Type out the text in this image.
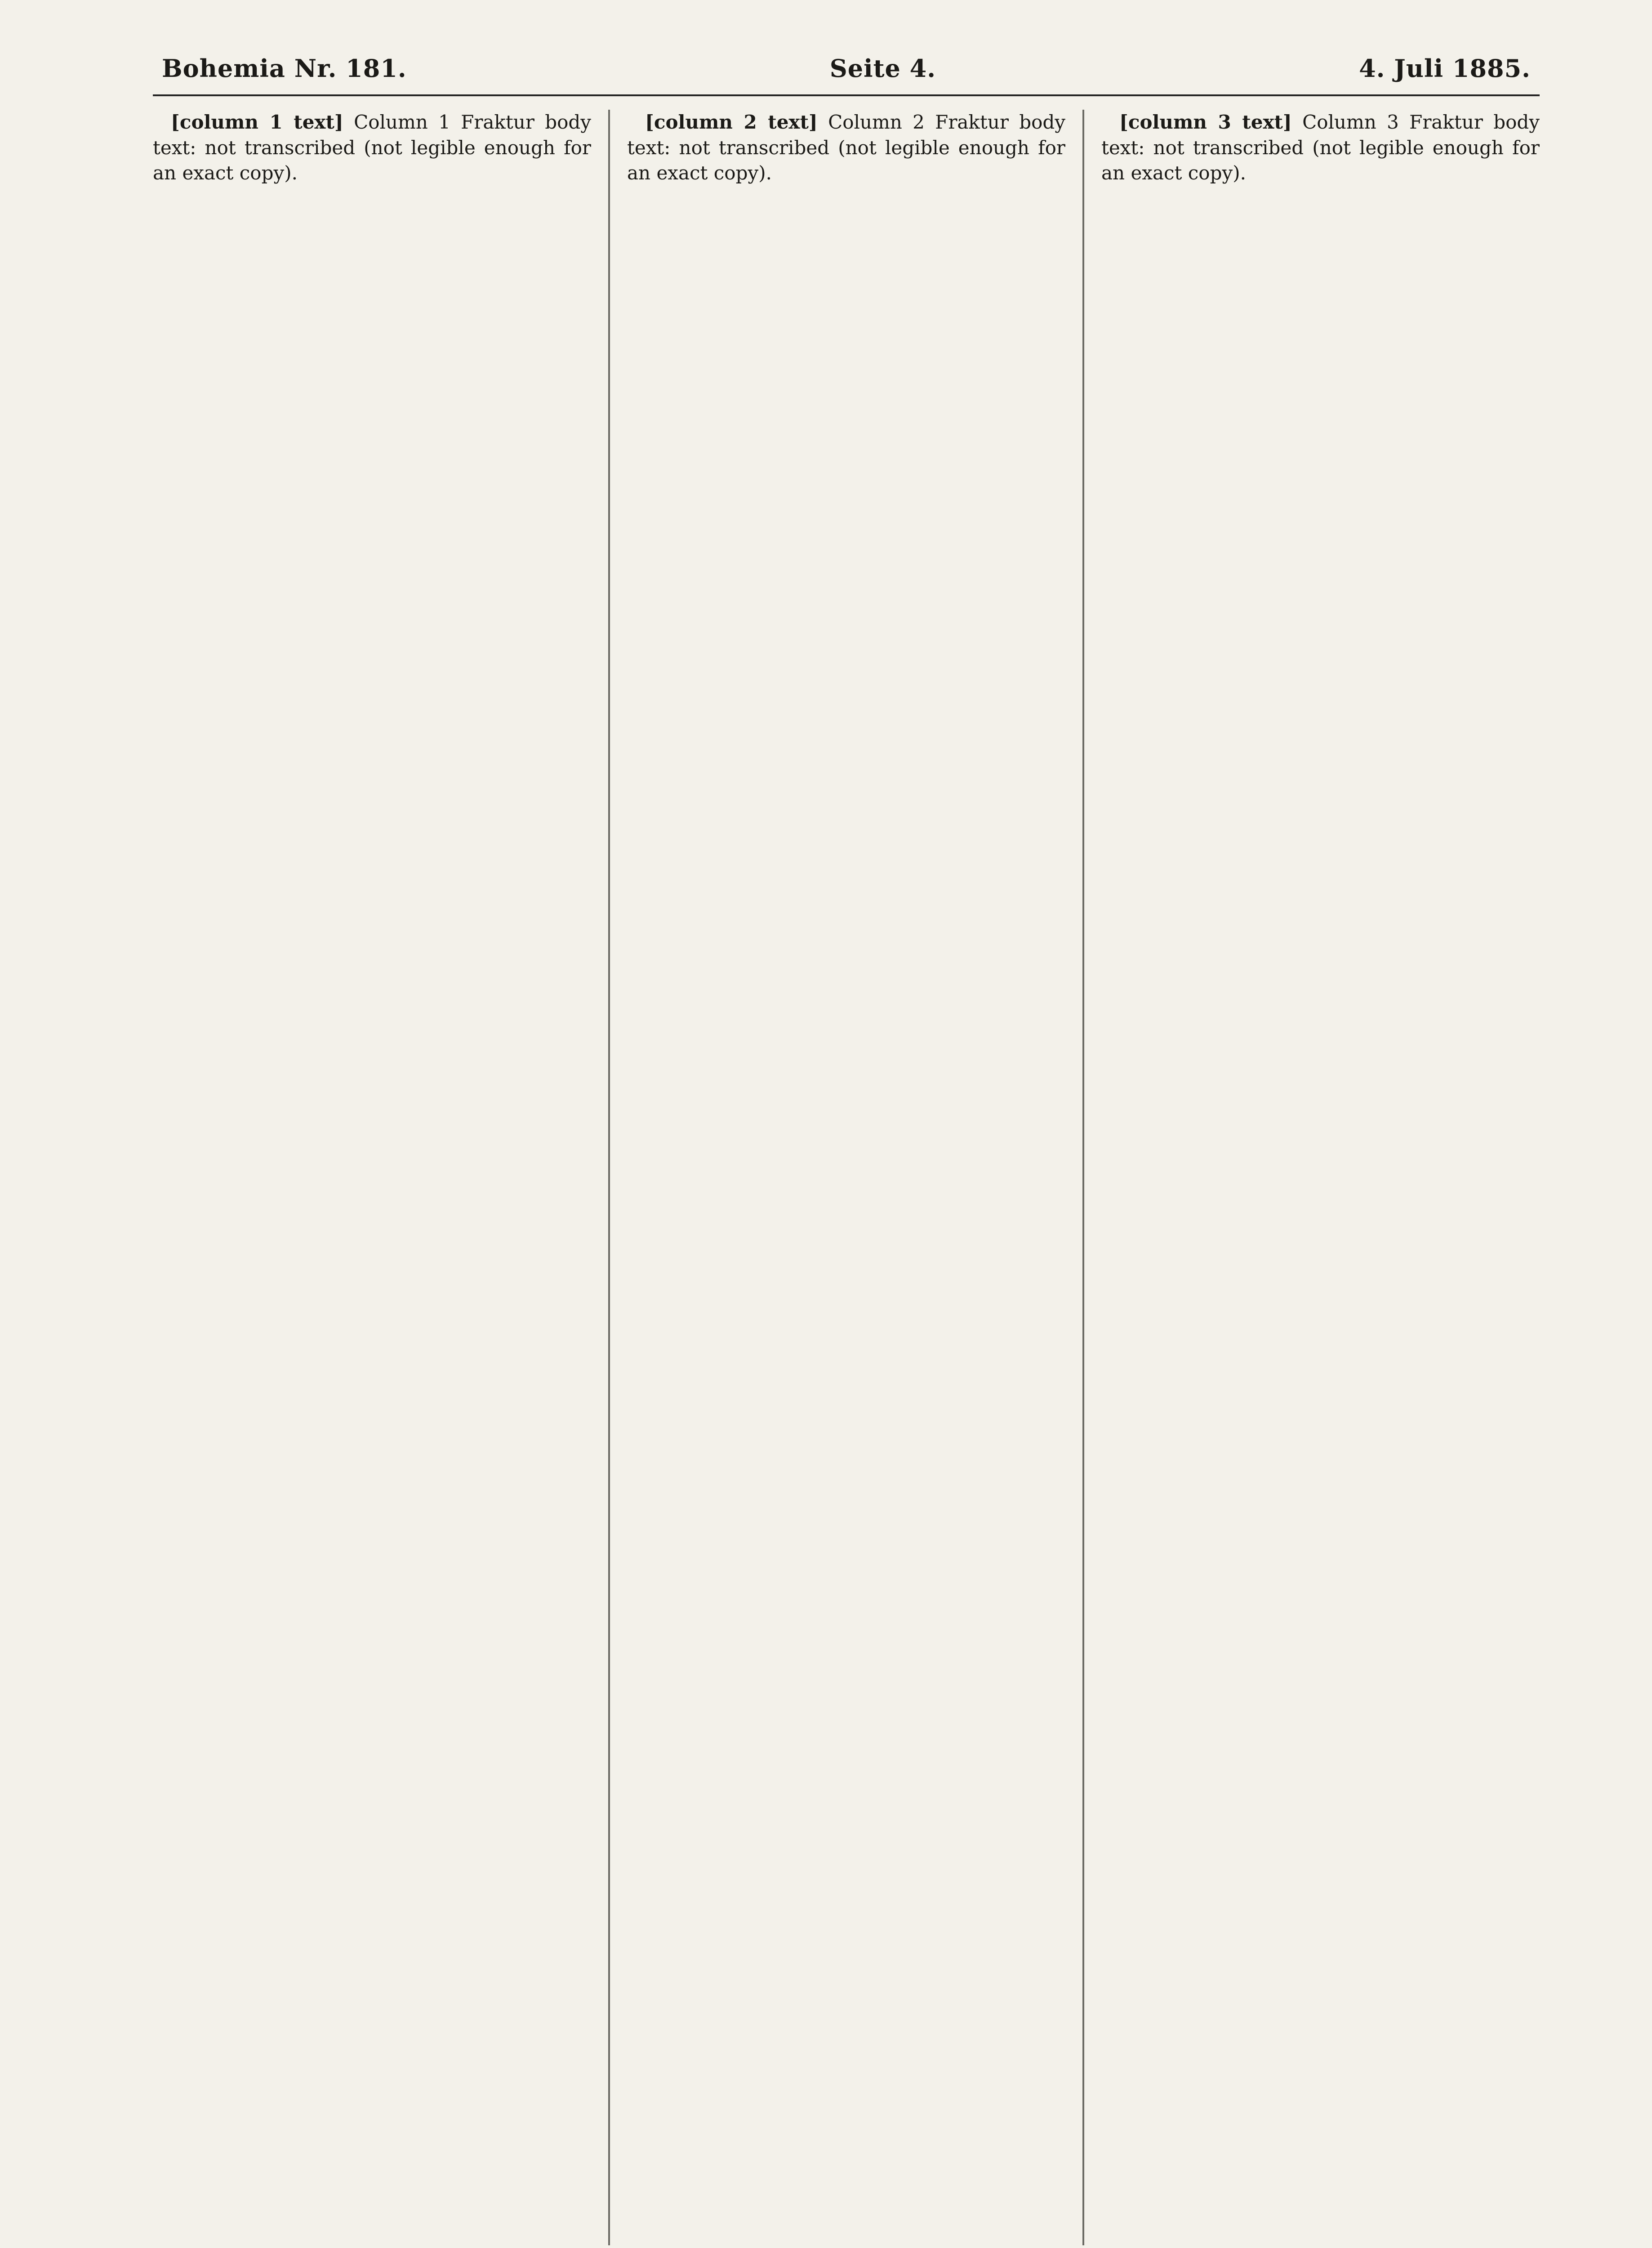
Bohemia Nr. 181.	Seite 4.	4. Juli 1885.

[column 1 text] Column 1 Fraktur body text: not transcribed (not legible enough for an exact copy).

[column 2 text] Column 2 Fraktur body text: not transcribed (not legible enough for an exact copy).

[column 3 text] Column 3 Fraktur body text: not transcribed (not legible enough for an exact copy).
